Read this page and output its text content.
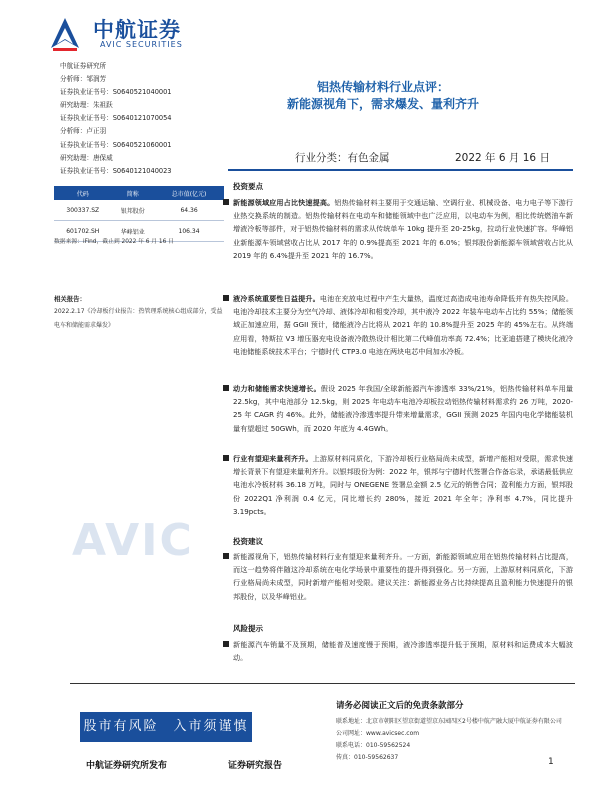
中航证券
AVIC SECURITIES
中航证券研究所
分析师：邹润芳
证券执业证书号：S0640521040001
研究助理：朱祖跃
证券执业证书号：S0640121070054
分析师：卢正羽
证券执业证书号：S0640521060001
研究助理：唐保威
证券执业证书号：S0640121040023
代码	简称	总市值(亿元)
300337.SZ	银邦股份	64.36
601702.SH	华峰铝业	106.34
数据来源：iFind，截止到 2022 年 6 月 16 日
相关报告：
2022.2.17《冷却板行业报告：热管理系统核心组成部分，受益电车和储能需求爆发》
AVIC
铝热传输材料行业点评：
新能源视角下，需求爆发、量利齐升
行业分类：有色金属	2022 年 6 月 16 日
投资要点
新能源领域应用占比快速提高。铝热传输材料主要用于交通运输、空调行业、机械设备、电力电子等下游行业热交换系统的制造。铝热传输材料在电动车和储能领域中也广泛应用，以电动车为例，相比传统燃油车新增液冷板等部件，对于铝热传输材料的需求从传统单车 10kg 提升至 20-25kg，拉动行业快速扩容。华峰铝业新能源车领域营收占比从 2017 年的 0.9%提高至 2021 年的 6.0%；银邦股份新能源车领域营收占比从 2019 年的 6.4%提升至 2021 年的 16.7%。
液冷系统重要性日益提升。电池在充放电过程中产生大量热，温度过高造成电池寿命降低并有热失控风险。电池冷却技术主要分为空气冷却、液体冷却和相变冷却，其中液冷 2022 年装车电动车占比约 55%；储能领域正加速应用，据 GGII 预计，储能液冷占比将从 2021 年的 10.8%提升至 2025 年的 45%左右。从终端应用看，特斯拉 V3 增压器充电设备液冷散热设计相比第二代峰值功率高 72.4%；比亚迪搭建了模块化液冷电池储能系统技术平台；宁德时代 CTP3.0 电池在两块电芯中间加水冷板。
动力和储能需求快速增长。假设 2025 年我国/全球新能源汽车渗透率 33%/21%，铝热传输材料单车用量 22.5kg，其中电池部分 12.5kg，则 2025 年电动车电池冷却板拉动铝热传输材料需求约 26 万吨，2020-25 年 CAGR 约 46%。此外，储能液冷渗透率提升带来增量需求，GGII 预测 2025 年国内电化学储能装机量有望超过 50GWh，而 2020 年底为 4.4GWh。
行业有望迎来量利齐升。上游原材料同质化，下游冷却板行业格局尚未成型，新增产能相对受限，需求快速增长背景下有望迎来量利齐升。以银邦股份为例：2022 年，银邦与宁德时代签署合作备忘录，承诺最低供应电池水冷板材料 36.18 万吨，同时与 ONEGENE 签署总金额 2.5 亿元的销售合同；盈利能力方面，银邦股份 2022Q1 净利润 0.4 亿元，同比增长约 280%，接近 2021 年全年；净利率 4.7%，同比提升 3.19pcts。
投资建议
新能源视角下，铝热传输材料行业有望迎来量利齐升。一方面，新能源领域应用在铝热传输材料占比提高，而这一趋势将伴随这冷却系统在电化学场景中重要性的提升得到强化。另一方面，上游原材料同质化，下游行业格局尚未成型，同时新增产能相对受限。建议关注：新能源业务占比持续提高且盈利能力快速提升的银邦股份，以及华峰铝业。
风险提示
新能源汽车销量不及预期，储能普及速度慢于预期，液冷渗透率提升低于预期，原材料和运费成本大幅波动。
股市有风险　入市须谨慎
请务必阅读正文后的免责条款部分
联系地址：北京市朝阳区望京街道望京东园四区2号楼中航产融大厦中航证券有限公司
公司网址：www.avicsec.com
联系电话：010-59562524
传真：010-59562637
中航证券研究所发布	证券研究报告	1
